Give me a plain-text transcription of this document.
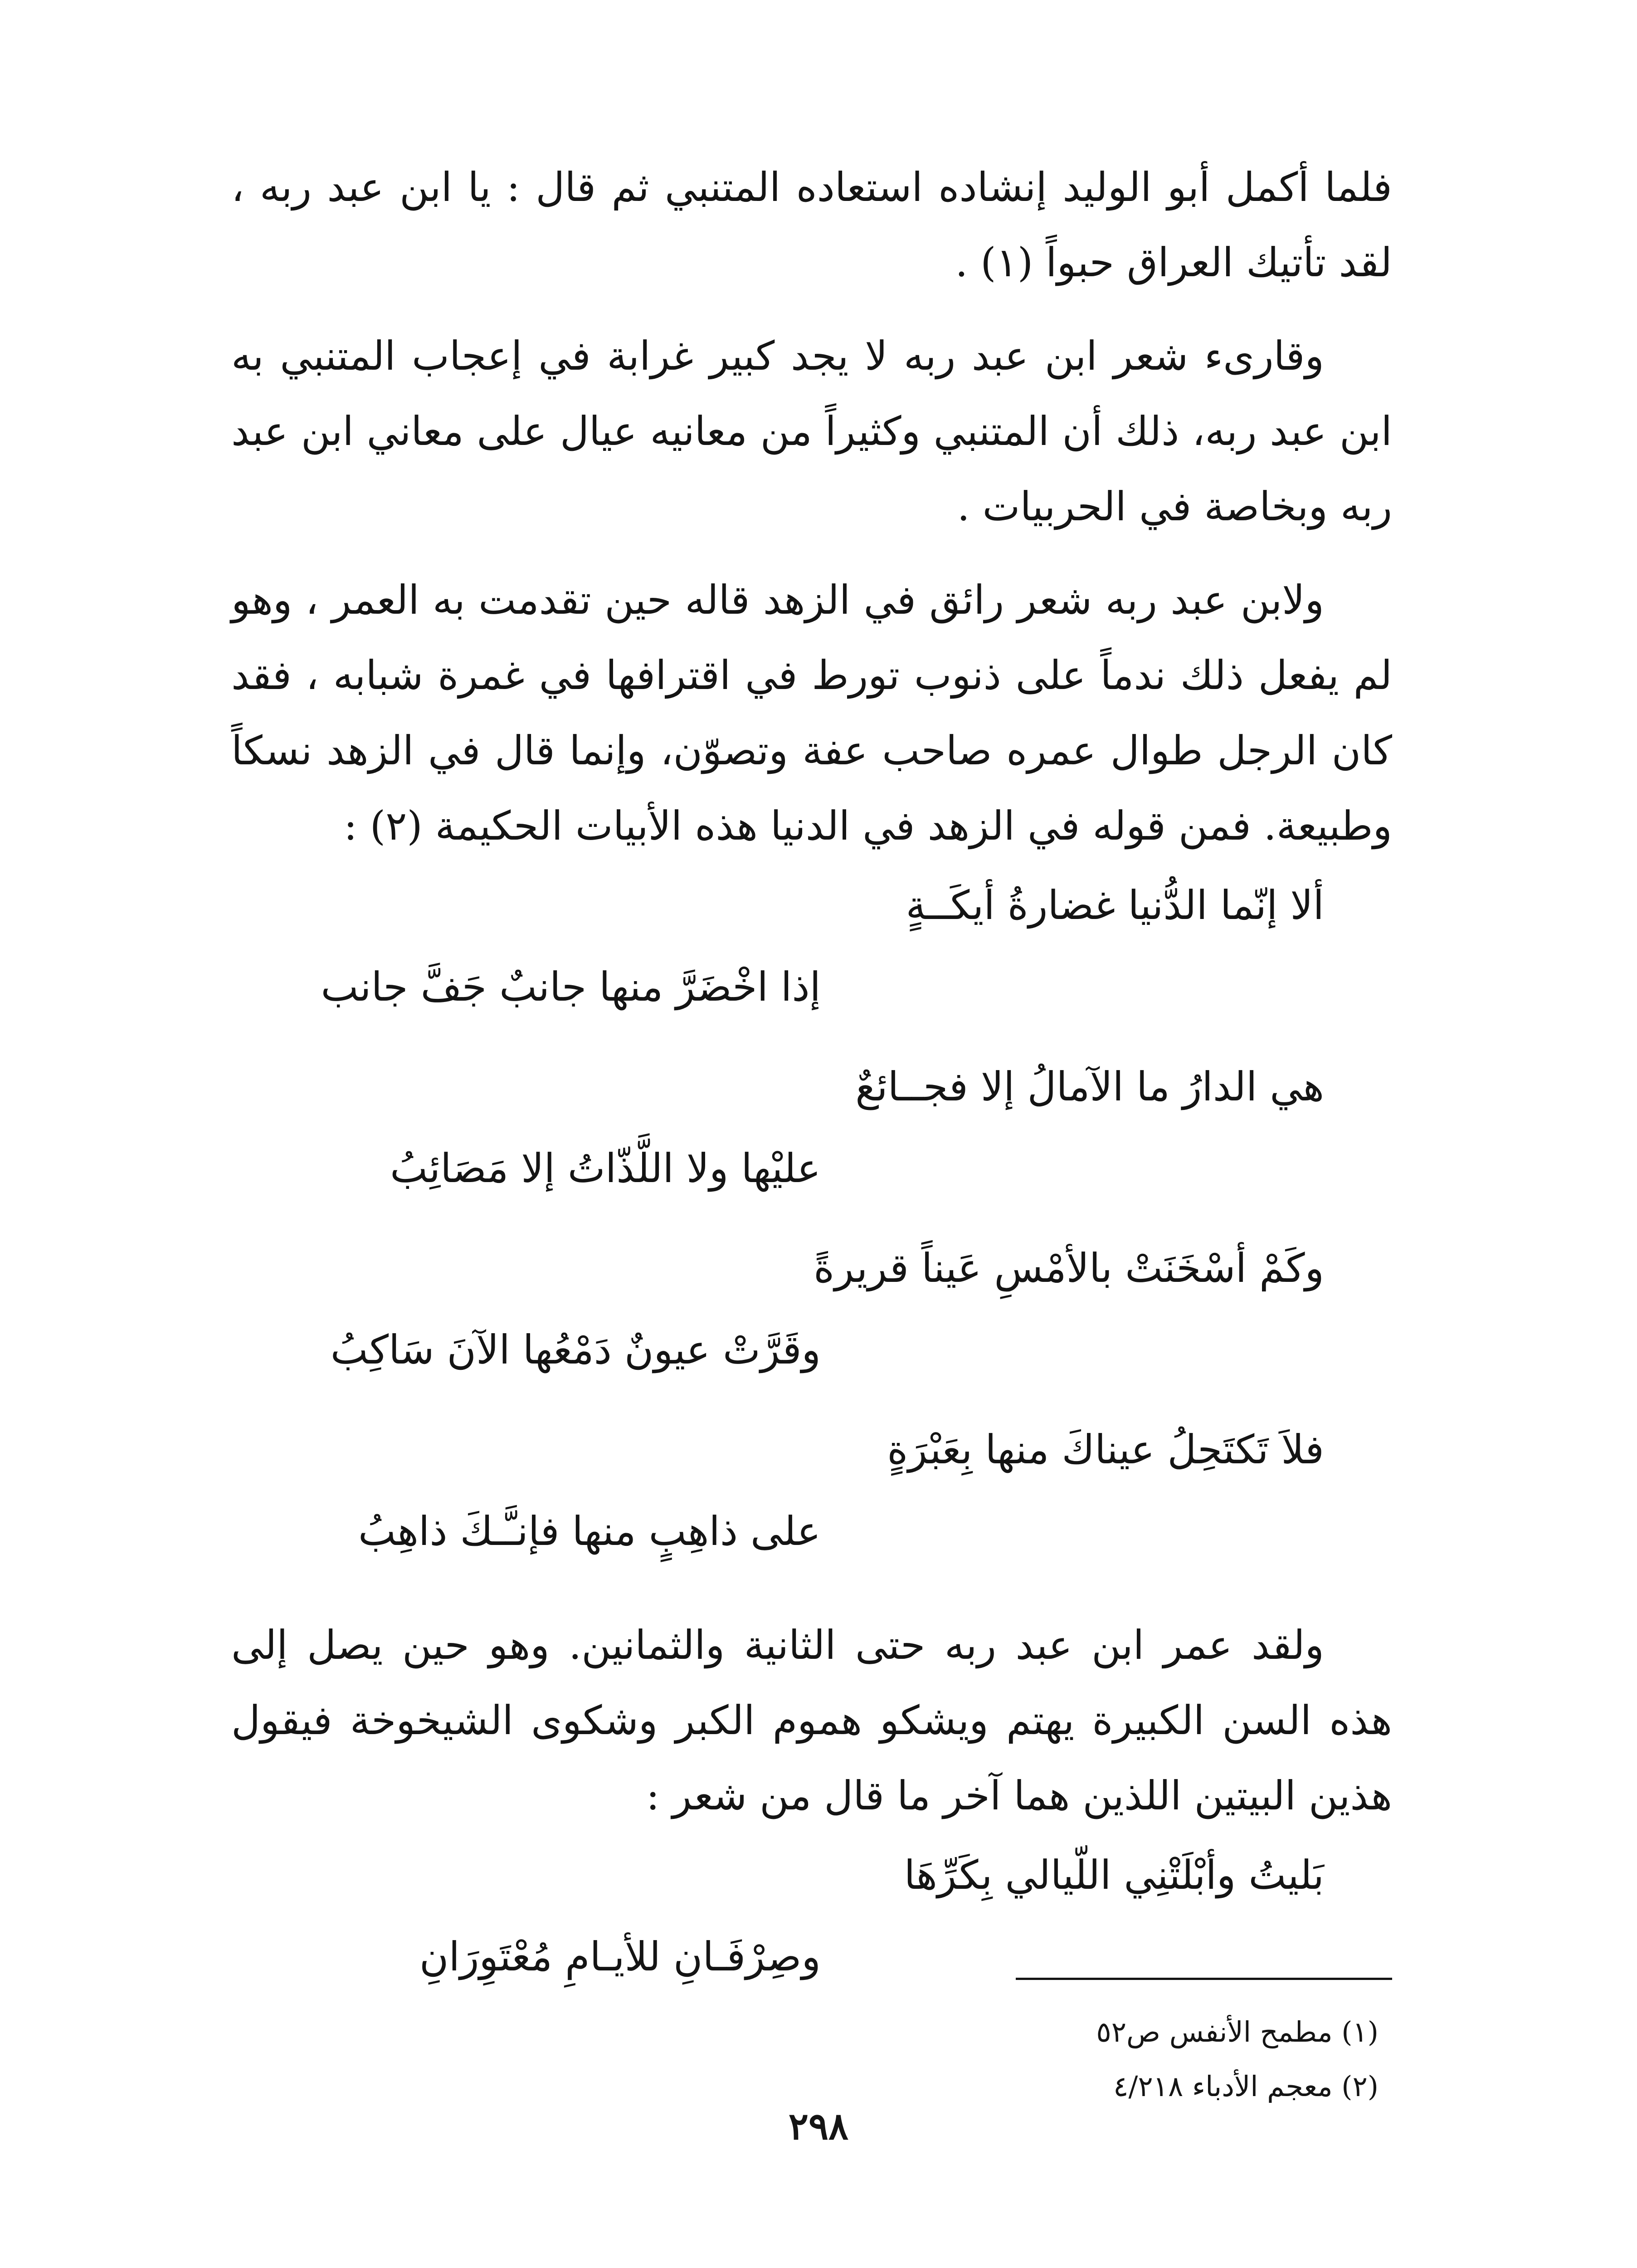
فلما أكمل أبو الوليد إنشاده استعاده المتنبي ثم قال : يا ابن عبد ربه ، لقد تأتيك العراق حبواً (١) .

وقارىء شعر ابن عبد ربه لا يجد كبير غرابة في إعجاب المتنبي به ابن عبد ربه، ذلك أن المتنبي وكثيراً من معانيه عيال على معاني ابن عبد ربه وبخاصة في الحربيات .

ولابن عبد ربه شعر رائق في الزهد قاله حين تقدمت به العمر ، وهو لم يفعل ذلك ندماً على ذنوب تورط في اقترافها في غمرة شبابه ، فقد كان الرجل طوال عمره صاحب عفة وتصوّن، وإنما قال في الزهد نسكاً وطبيعة. فمن قوله في الزهد في الدنيا هذه الأبيات الحكيمة (٢) :

ألا إنّما الدُّنيا غضارةُ أيكَــةٍ
إذا اخْضَرَّ منها جانبٌ جَفَّ جانب
هي الدارُ ما الآمالُ إلا فجــائعٌ
عليْها ولا اللَّذّاتُ إلا مَصَائِبُ
وكَمْ أسْخَنَتْ بالأمْسِ عَيناً قريرةً
وقَرَّتْ عيونٌ دَمْعُها الآنَ سَاكِبُ
فلاَ تَكتَحِلُ عيناكَ منها بِعَبْرَةٍ
على ذاهِبٍ منها فإنـَّـكَ ذاهِبُ

ولقد عمر ابن عبد ربه حتى الثانية والثمانين. وهو حين يصل إلى هذه السن الكبيرة يهتم ويشكو هموم الكبر وشكوى الشيخوخة فيقول هذين البيتين اللذين هما آخر ما قال من شعر :

بَليتُ وأبْلَتْنِي اللّيالي بِكَرِّهَا
وصِرْفَـانِ للأيـامِ مُعْتَوِرَانِ
(١) مطمح الأنفس ص٥٢
(٢) معجم الأدباء ٤/٢١٨
٢٩٨
